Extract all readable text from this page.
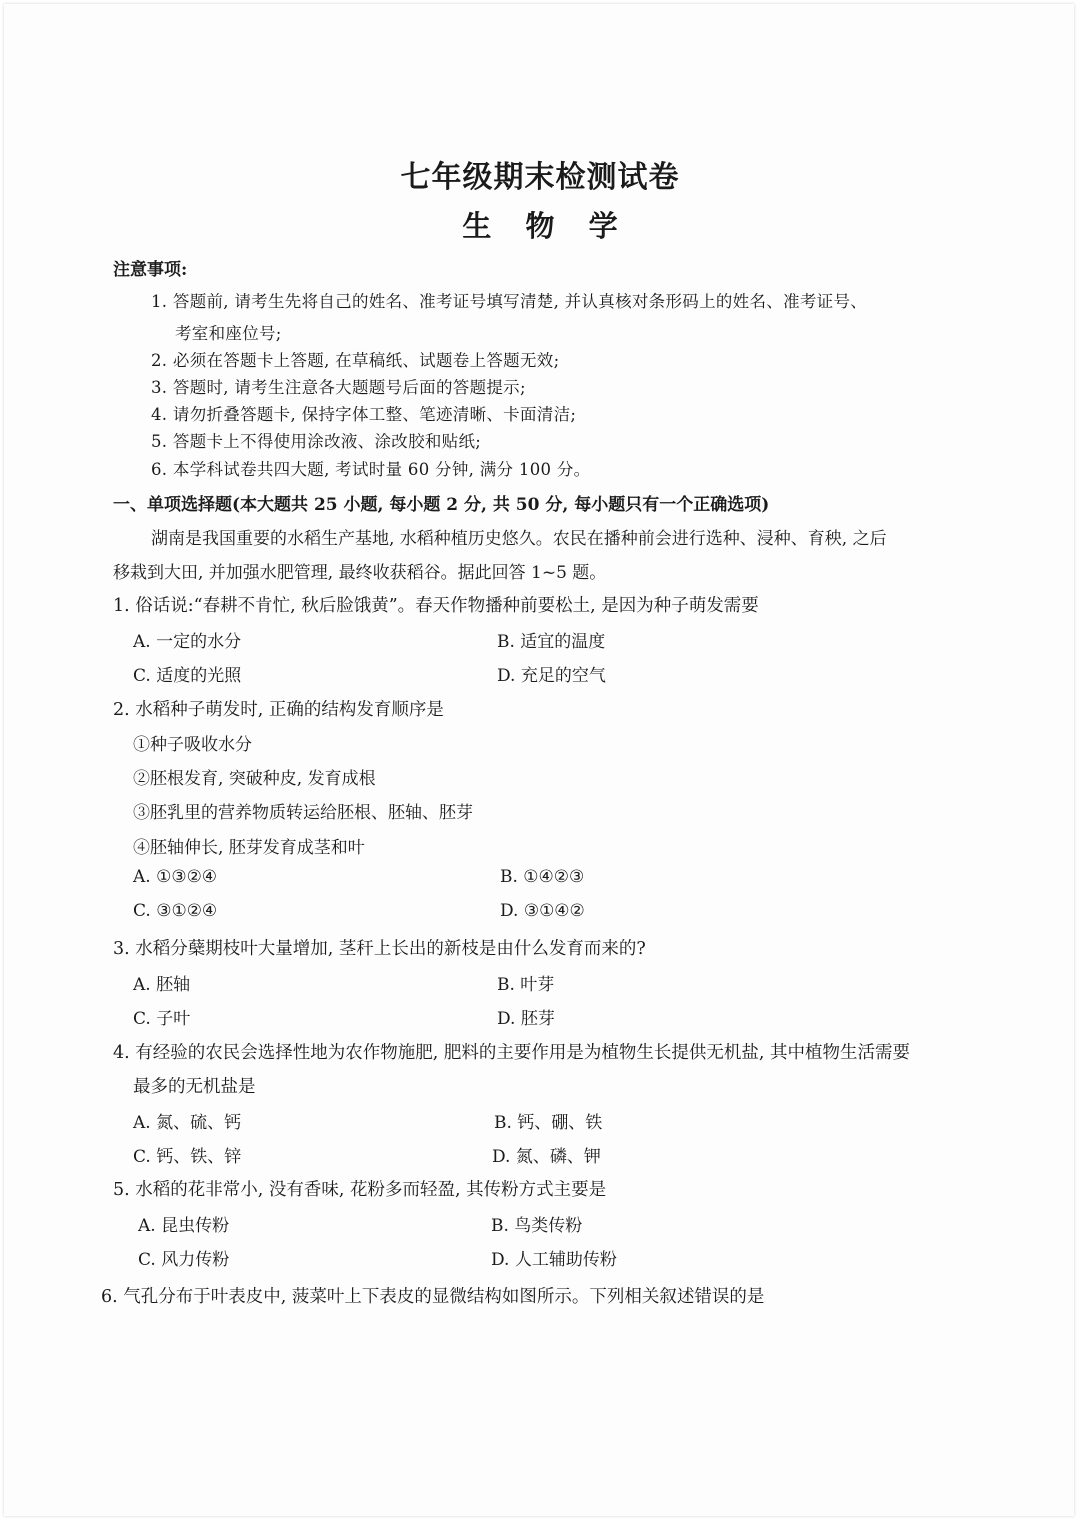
七年级期末检测试卷
生 物 学
注意事项:
1. 答题前, 请考生先将自己的姓名、准考证号填写清楚, 并认真核对条形码上的姓名、准考证号、
考室和座位号;
2. 必须在答题卡上答题, 在草稿纸、试题卷上答题无效;
3. 答题时, 请考生注意各大题题号后面的答题提示;
4. 请勿折叠答题卡, 保持字体工整、笔迹清晰、卡面清洁;
5. 答题卡上不得使用涂改液、涂改胶和贴纸;
6. 本学科试卷共四大题, 考试时量 60 分钟, 满分 100 分。
一、单项选择题(本大题共 25 小题, 每小题 2 分, 共 50 分, 每小题只有一个正确选项)
湖南是我国重要的水稻生产基地, 水稻种植历史悠久。农民在播种前会进行选种、浸种、育秧, 之后
移栽到大田, 并加强水肥管理, 最终收获稻谷。据此回答 1~5 题。
1. 俗话说:“春耕不肯忙, 秋后脸饿黄”。春天作物播种前要松土, 是因为种子萌发需要
A. 一定的水分	B. 适宜的温度
C. 适度的光照	D. 充足的空气
2. 水稻种子萌发时, 正确的结构发育顺序是
①种子吸收水分
②胚根发育, 突破种皮, 发育成根
③胚乳里的营养物质转运给胚根、胚轴、胚芽
④胚轴伸长, 胚芽发育成茎和叶
A. ①③②④	B. ①④②③
C. ③①②④	D. ③①④②
3. 水稻分蘖期枝叶大量增加, 茎秆上长出的新枝是由什么发育而来的?
A. 胚轴	B. 叶芽
C. 子叶	D. 胚芽
4. 有经验的农民会选择性地为农作物施肥, 肥料的主要作用是为植物生长提供无机盐, 其中植物生活需要
最多的无机盐是
A. 氮、硫、钙	B. 钙、硼、铁
C. 钙、铁、锌	D. 氮、磷、钾
5. 水稻的花非常小, 没有香味, 花粉多而轻盈, 其传粉方式主要是
A. 昆虫传粉	B. 鸟类传粉
C. 风力传粉	D. 人工辅助传粉
6. 气孔分布于叶表皮中, 菠菜叶上下表皮的显微结构如图所示。下列相关叙述错误的是
